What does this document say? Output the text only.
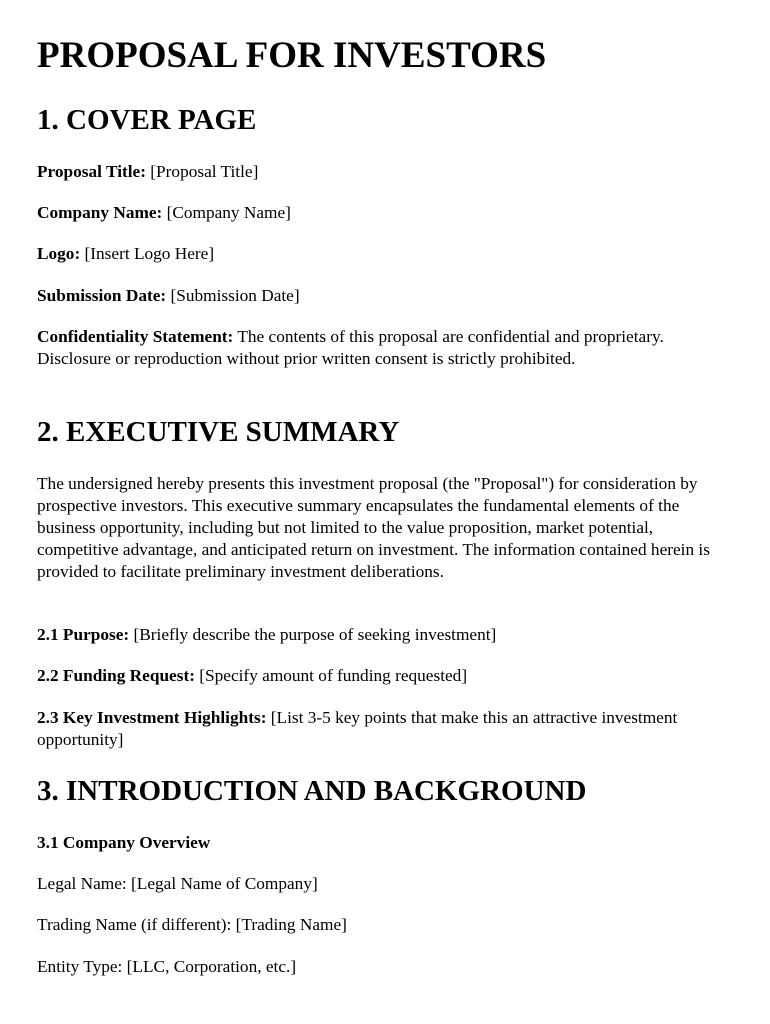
PROPOSAL FOR INVESTORS
1. COVER PAGE

Proposal Title: [Proposal Title]

Company Name: [Company Name]

Logo: [Insert Logo Here]

Submission Date: [Submission Date]

Confidentiality Statement: The contents of this proposal are confidential and proprietary. Disclosure or reproduction without prior written consent is strictly prohibited.

2. EXECUTIVE SUMMARY

The undersigned hereby presents this investment proposal (the "Proposal") for consideration by prospective investors. This executive summary encapsulates the fundamental elements of the business opportunity, including but not limited to the value proposition, market potential, competitive advantage, and anticipated return on investment. The information contained herein is provided to facilitate preliminary investment deliberations.

2.1 Purpose: [Briefly describe the purpose of seeking investment]

2.2 Funding Request: [Specify amount of funding requested]

2.3 Key Investment Highlights: [List 3-5 key points that make this an attractive investment opportunity]

3. INTRODUCTION AND BACKGROUND

3.1 Company Overview

Legal Name: [Legal Name of Company]

Trading Name (if different): [Trading Name]

Entity Type: [LLC, Corporation, etc.]
